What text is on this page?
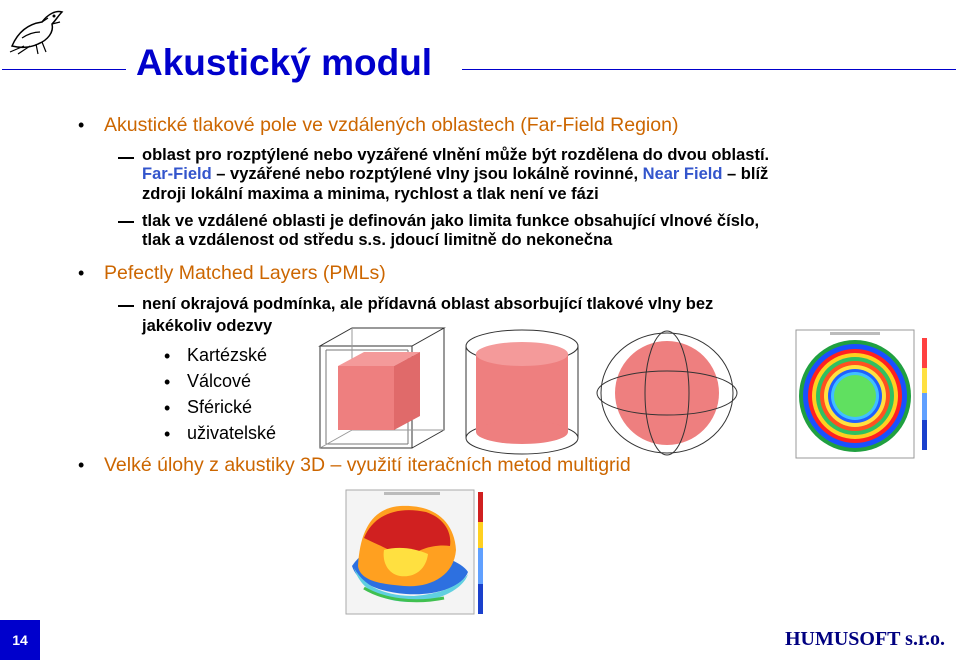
Akustický modul
• Akustické tlakové pole ve vzdálených oblastech (Far-Field Region)
oblast pro rozptýlené nebo vyzářené vlnění může být rozdělena do dvou oblastí.
Far-Field – vyzářené nebo rozptýlené vlny jsou lokálně rovinné, Near Field – blíž
zdroji lokální maxima a minima, rychlost a tlak není ve fázi
tlak ve vzdálené oblasti je definován jako limita funkce obsahující vlnové číslo,
tlak a vzdálenost od středu s.s. jdoucí limitně do nekonečna
• Pefectly Matched Layers (PMLs)
není okrajová podmínka, ale přídavná oblast absorbující tlakové vlny bez
jakékoliv odezvy
• Kartézské
• Válcové
• Sférické
• uživatelské
• Velké úlohy z akustiky 3D – využití iteračních metod multigrid
14	HUMUSOFT s.r.o.
